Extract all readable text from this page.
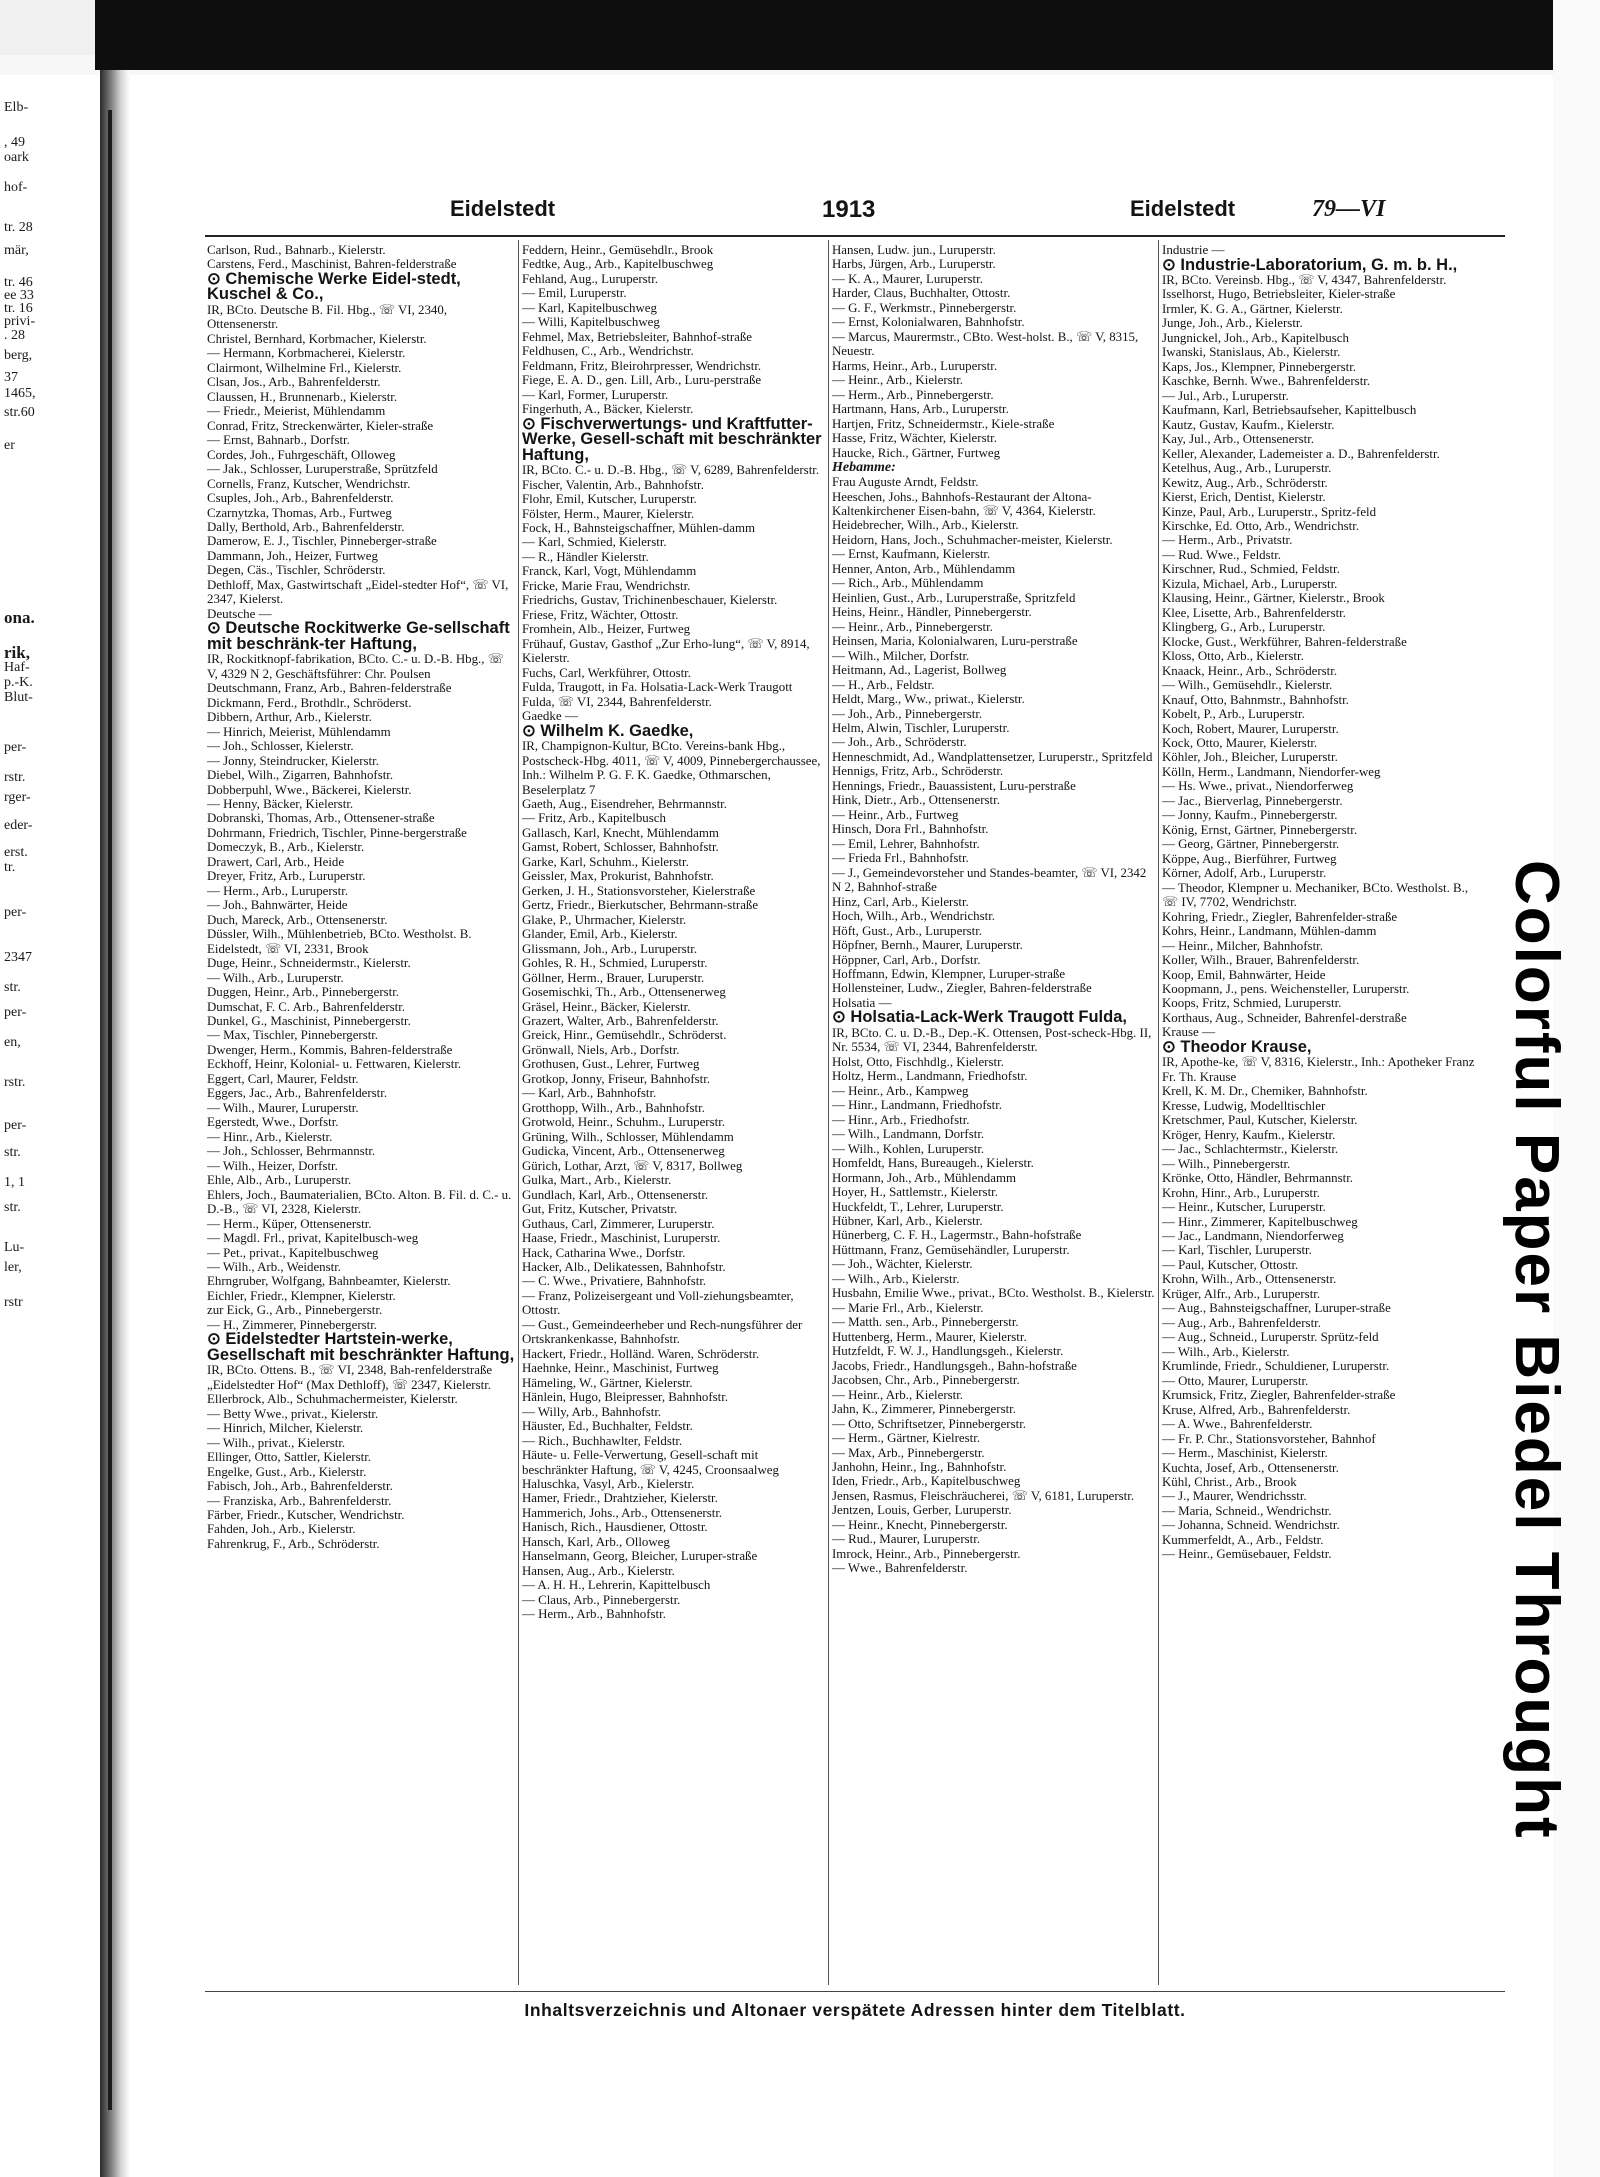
Elb-
, 49
oark
hof-
tr. 28
mär,
tr. 46
ee 33
tr. 16
privi-
. 28
berg,
37
1465,
str.60
er
ona.
rik,
Haf-
p.-K.
Blut-
per-
rstr.
rger-
eder-
erst.
tr.
per-
2347
str.
per-
en,
rstr.
per-
str.
1, 1
str.
Lu-
ler,
rstr	Colorful Paper Biedel Throught
Eidelstedt	1913	Eidelstedt	79—VI
Carlson, Rud., Bahnarb., Kielerstr.
Carstens, Ferd., Maschinist, Bahren-felderstraße
⊙ Chemische Werke Eidel-stedt, Kuschel & Co.,
IR, BCto. Deutsche B. Fil. Hbg., ☏ VI, 2340, Ottensenerstr.
Christel, Bernhard, Korbmacher, Kielerstr.
— Hermann, Korbmacherei, Kielerstr.
Clairmont, Wilhelmine Frl., Kielerstr.
Clsan, Jos., Arb., Bahrenfelderstr.
Claussen, H., Brunnenarb., Kielerstr.
— Friedr., Meierist, Mühlendamm
Conrad, Fritz, Streckenwärter, Kieler-straße
— Ernst, Bahnarb., Dorfstr.
Cordes, Joh., Fuhrgeschäft, Olloweg
— Jak., Schlosser, Luruperstraße, Sprützfeld
Cornells, Franz, Kutscher, Wendrichstr.
Csuples, Joh., Arb., Bahrenfelderstr.
Czarnytzka, Thomas, Arb., Furtweg
Dally, Berthold, Arb., Bahrenfelderstr.
Damerow, E. J., Tischler, Pinneberger-straße
Dammann, Joh., Heizer, Furtweg
Degen, Cäs., Tischler, Schröderstr.
Dethloff, Max, Gastwirtschaft „Eidel-stedter Hof“, ☏ VI, 2347, Kielerst.
Deutsche —
⊙ Deutsche Rockitwerke Ge-sellschaft mit beschränk-ter Haftung,
IR, Rockitknopf-fabrikation, BCto. C.- u. D.-B. Hbg., ☏ V, 4329 N 2, Geschäftsführer: Chr. Poulsen
Deutschmann, Franz, Arb., Bahren-felderstraße
Dickmann, Ferd., Brothdlr., Schröderst.
Dibbern, Arthur, Arb., Kielerstr.
— Hinrich, Meierist, Mühlendamm
— Joh., Schlosser, Kielerstr.
— Jonny, Steindrucker, Kielerstr.
Diebel, Wilh., Zigarren, Bahnhofstr.
Dobberpuhl, Wwe., Bäckerei, Kielerstr.
— Henny, Bäcker, Kielerstr.
Dobranski, Thomas, Arb., Ottensener-straße
Dohrmann, Friedrich, Tischler, Pinne-bergerstraße
Domeczyk, B., Arb., Kielerstr.
Drawert, Carl, Arb., Heide
Dreyer, Fritz, Arb., Luruperstr.
— Herm., Arb., Luruperstr.
— Joh., Bahnwärter, Heide
Duch, Mareck, Arb., Ottensenerstr.
Düssler, Wilh., Mühlenbetrieb, BCto. Westholst. B. Eidelstedt, ☏ VI, 2331, Brook
Duge, Heinr., Schneidermstr., Kielerstr.
— Wilh., Arb., Luruperstr.
Duggen, Heinr., Arb., Pinnebergerstr.
Dumschat, F. C. Arb., Bahrenfelderstr.
Dunkel, G., Maschinist, Pinnebergerstr.
— Max, Tischler, Pinnebergerstr.
Dwenger, Herm., Kommis, Bahren-felderstraße
Eckhoff, Heinr, Kolonial- u. Fettwaren, Kielerstr.
Eggert, Carl, Maurer, Feldstr.
Eggers, Jac., Arb., Bahrenfelderstr.
— Wilh., Maurer, Luruperstr.
Egerstedt, Wwe., Dorfstr.
— Hinr., Arb., Kielerstr.
— Joh., Schlosser, Behrmannstr.
— Wilh., Heizer, Dorfstr.
Ehle, Alb., Arb., Luruperstr.
Ehlers, Joch., Baumaterialien, BCto. Alton. B. Fil. d. C.- u. D.-B., ☏ VI, 2328, Kielerstr.
— Herm., Küper, Ottensenerstr.
— Magdl. Frl., privat, Kapitelbusch-weg
— Pet., privat., Kapitelbuschweg
— Wilh., Arb., Weidenstr.
Ehrngruber, Wolfgang, Bahnbeamter, Kielerstr.
Eichler, Friedr., Klempner, Kielerstr.
zur Eick, G., Arb., Pinnebergerstr.
— H., Zimmerer, Pinnebergerstr.
⊙ Eidelstedter Hartstein-werke, Gesellschaft mit beschränkter Haftung,
IR, BCto. Ottens. B., ☏ VI, 2348, Bah-renfelderstraße
„Eidelstedter Hof“ (Max Dethloff), ☏ 2347, Kielerstr.
Ellerbrock, Alb., Schuhmachermeister, Kielerstr.
— Betty Wwe., privat., Kielerstr.
— Hinrich, Milcher, Kielerstr.
— Wilh., privat., Kielerstr.
Ellinger, Otto, Sattler, Kielerstr.
Engelke, Gust., Arb., Kielerstr.
Fabisch, Joh., Arb., Bahrenfelderstr.
— Franziska, Arb., Bahrenfelderstr.
Färber, Friedr., Kutscher, Wendrichstr.
Fahden, Joh., Arb., Kielerstr.
Fahrenkrug, F., Arb., Schröderstr.
Feddern, Heinr., Gemüsehdlr., Brook
Fedtke, Aug., Arb., Kapitelbuschweg
Fehland, Aug., Luruperstr.
— Emil, Luruperstr.
— Karl, Kapitelbuschweg
— Willi, Kapitelbuschweg
Fehmel, Max, Betriebsleiter, Bahnhof-straße
Feldhusen, C., Arb., Wendrichstr.
Feldmann, Fritz, Bleirohrpresser, Wendrichstr.
Fiege, E. A. D., gen. Lill, Arb., Luru-perstraße
— Karl, Former, Luruperstr.
Fingerhuth, A., Bäcker, Kielerstr.
⊙ Fischverwertungs- und Kraftfutter-Werke, Gesell-schaft mit beschränkter Haftung,
IR, BCto. C.- u. D.-B. Hbg., ☏ V, 6289, Bahrenfelderstr.
Fischer, Valentin, Arb., Bahnhofstr.
Flohr, Emil, Kutscher, Luruperstr.
Fölster, Herm., Maurer, Kielerstr.
Fock, H., Bahnsteigschaffner, Mühlen-damm
— Karl, Schmied, Kielerstr.
— R., Händler Kielerstr.
Franck, Karl, Vogt, Mühlendamm
Fricke, Marie Frau, Wendrichstr.
Friedrichs, Gustav, Trichinenbeschauer, Kielerstr.
Friese, Fritz, Wächter, Ottostr.
Fromhein, Alb., Heizer, Furtweg
Frühauf, Gustav, Gasthof „Zur Erho-lung“, ☏ V, 8914, Kielerstr.
Fuchs, Carl, Werkführer, Ottostr.
Fulda, Traugott, in Fa. Holsatia-Lack-Werk Traugott Fulda, ☏ VI, 2344, Bahrenfelderstr.
Gaedke —
⊙ Wilhelm K. Gaedke,
IR, Champignon-Kultur, BCto. Vereins-bank Hbg., Postscheck-Hbg. 4011, ☏ V, 4009, Pinnebergerchaussee, Inh.: Wilhelm P. G. F. K. Gaedke, Othmarschen, Beselerplatz 7
Gaeth, Aug., Eisendreher, Behrmannstr.
— Fritz, Arb., Kapitelbusch
Gallasch, Karl, Knecht, Mühlendamm
Gamst, Robert, Schlosser, Bahnhofstr.
Garke, Karl, Schuhm., Kielerstr.
Geissler, Max, Prokurist, Bahnhofstr.
Gerken, J. H., Stationsvorsteher, Kielerstraße
Gertz, Friedr., Bierkutscher, Behrmann-straße
Glake, P., Uhrmacher, Kielerstr.
Glander, Emil, Arb., Kielerstr.
Glissmann, Joh., Arb., Luruperstr.
Gohles, R. H., Schmied, Luruperstr.
Göllner, Herm., Brauer, Luruperstr.
Gosemischki, Th., Arb., Ottensenerweg
Gräsel, Heinr., Bäcker, Kielerstr.
Grazert, Walter, Arb., Bahrenfelderstr.
Greick, Hinr., Gemüsehdlr., Schröderst.
Grönwall, Niels, Arb., Dorfstr.
Grothusen, Gust., Lehrer, Furtweg
Grotkop, Jonny, Friseur, Bahnhofstr.
— Karl, Arb., Bahnhofstr.
Grotthopp, Wilh., Arb., Bahnhofstr.
Grotwold, Heinr., Schuhm., Luruperstr.
Grüning, Wilh., Schlosser, Mühlendamm
Gudicka, Vincent, Arb., Ottensenerweg
Gürich, Lothar, Arzt, ☏ V, 8317, Bollweg
Gulka, Mart., Arb., Kielerstr.
Gundlach, Karl, Arb., Ottensenerstr.
Gut, Fritz, Kutscher, Privatstr.
Guthaus, Carl, Zimmerer, Luruperstr.
Haase, Friedr., Maschinist, Luruperstr.
Hack, Catharina Wwe., Dorfstr.
Hacker, Alb., Delikatessen, Bahnhofstr.
— C. Wwe., Privatiere, Bahnhofstr.
— Franz, Polizeisergeant und Voll-ziehungsbeamter, Ottostr.
— Gust., Gemeindeerheber und Rech-nungsführer der Ortskrankenkasse, Bahnhofstr.
Hackert, Friedr., Holländ. Waren, Schröderstr.
Haehnke, Heinr., Maschinist, Furtweg
Hämeling, W., Gärtner, Kielerstr.
Hänlein, Hugo, Bleipresser, Bahnhofstr.
— Willy, Arb., Bahnhofstr.
Häuster, Ed., Buchhalter, Feldstr.
— Rich., Buchhawlter, Feldstr.
Häute- u. Felle-Verwertung, Gesell-schaft mit beschränkter Haftung, ☏ V, 4245, Croonsaalweg
Haluschka, Vasyl, Arb., Kielerstr.
Hamer, Friedr., Drahtzieher, Kielerstr.
Hammerich, Johs., Arb., Ottensenerstr.
Hanisch, Rich., Hausdiener, Ottostr.
Hansch, Karl, Arb., Olloweg
Hanselmann, Georg, Bleicher, Luruper-straße
Hansen, Aug., Arb., Kielerstr.
— A. H. H., Lehrerin, Kapittelbusch
— Claus, Arb., Pinnebergerstr.
— Herm., Arb., Bahnhofstr.
Hansen, Ludw. jun., Luruperstr.
Harbs, Jürgen, Arb., Luruperstr.
— K. A., Maurer, Luruperstr.
Harder, Claus, Buchhalter, Ottostr.
— G. F., Werkmstr., Pinnebergerstr.
— Ernst, Kolonialwaren, Bahnhofstr.
— Marcus, Maurermstr., CBto. West-holst. B., ☏ V, 8315, Neuestr.
Harms, Heinr., Arb., Luruperstr.
— Heinr., Arb., Kielerstr.
— Herm., Arb., Pinnebergerstr.
Hartmann, Hans, Arb., Luruperstr.
Hartjen, Fritz, Schneidermstr., Kiele-straße
Hasse, Fritz, Wächter, Kielerstr.
Haucke, Rich., Gärtner, Furtweg
Hebamme:
Frau Auguste Arndt, Feldstr.
Heeschen, Johs., Bahnhofs-Restaurant der Altona-Kaltenkirchener Eisen-bahn, ☏ V, 4364, Kielerstr.
Heidebrecher, Wilh., Arb., Kielerstr.
Heidorn, Hans, Joch., Schuhmacher-meister, Kielerstr.
— Ernst, Kaufmann, Kielerstr.
Henner, Anton, Arb., Mühlendamm
— Rich., Arb., Mühlendamm
Heinlien, Gust., Arb., Luruperstraße, Spritzfeld
Heins, Heinr., Händler, Pinnebergerstr.
— Heinr., Arb., Pinnebergerstr.
Heinsen, Maria, Kolonialwaren, Luru-perstraße
— Wilh., Milcher, Dorfstr.
Heitmann, Ad., Lagerist, Bollweg
— H., Arb., Feldstr.
Heldt, Marg., Ww., priwat., Kielerstr.
— Joh., Arb., Pinnebergerstr.
Helm, Alwin, Tischler, Luruperstr.
— Joh., Arb., Schröderstr.
Henneschmidt, Ad., Wandplattensetzer, Luruperstr., Spritzfeld
Hennigs, Fritz, Arb., Schröderstr.
Hennings, Friedr., Bauassistent, Luru-perstraße
Hink, Dietr., Arb., Ottensenerstr.
— Heinr., Arb., Furtweg
Hinsch, Dora Frl., Bahnhofstr.
— Emil, Lehrer, Bahnhofstr.
— Frieda Frl., Bahnhofstr.
— J., Gemeindevorsteher und Standes-beamter, ☏ VI, 2342 N 2, Bahnhof-straße
Hinz, Carl, Arb., Kielerstr.
Hoch, Wilh., Arb., Wendrichstr.
Höft, Gust., Arb., Luruperstr.
Höpfner, Bernh., Maurer, Luruperstr.
Höppner, Carl, Arb., Dorfstr.
Hoffmann, Edwin, Klempner, Luruper-straße
Hollensteiner, Ludw., Ziegler, Bahren-felderstraße
Holsatia —
⊙ Holsatia-Lack-Werk Traugott Fulda,
IR, BCto. C. u. D.-B., Dep.-K. Ottensen, Post-scheck-Hbg. II, Nr. 5534, ☏ VI, 2344, Bahrenfelderstr.
Holst, Otto, Fischhdlg., Kielerstr.
Holtz, Herm., Landmann, Friedhofstr.
— Heinr., Arb., Kampweg
— Hinr., Landmann, Friedhofstr.
— Hinr., Arb., Friedhofstr.
— Wilh., Landmann, Dorfstr.
— Wilh., Kohlen, Luruperstr.
Homfeldt, Hans, Bureaugeh., Kielerstr.
Hormann, Joh., Arb., Mühlendamm
Hoyer, H., Sattlemstr., Kielerstr.
Huckfeldt, T., Lehrer, Luruperstr.
Hübner, Karl, Arb., Kielerstr.
Hünerberg, C. F. H., Lagermstr., Bahn-hofstraße
Hüttmann, Franz, Gemüsehändler, Luruperstr.
— Joh., Wächter, Kielerstr.
— Wilh., Arb., Kielerstr.
Husbahn, Emilie Wwe., privat., BCto. Westholst. B., Kielerstr.
— Marie Frl., Arb., Kielerstr.
— Matth. sen., Arb., Pinnebergerstr.
Huttenberg, Herm., Maurer, Kielerstr.
Hutzfeldt, F. W. J., Handlungsgeh., Kielerstr.
Jacobs, Friedr., Handlungsgeh., Bahn-hofstraße
Jacobsen, Chr., Arb., Pinnebergerstr.
— Heinr., Arb., Kielerstr.
Jahn, K., Zimmerer, Pinnebergerstr.
— Otto, Schriftsetzer, Pinnebergerstr.
— Herm., Gärtner, Kielrestr.
— Max, Arb., Pinnebergerstr.
Janhohn, Heinr., Ing., Bahnhofstr.
Iden, Friedr., Arb., Kapitelbuschweg
Jensen, Rasmus, Fleischräucherei, ☏ V, 6181, Luruperstr.
Jentzen, Louis, Gerber, Luruperstr.
— Heinr., Knecht, Pinnebergerstr.
— Rud., Maurer, Luruperstr.
Imrock, Heinr., Arb., Pinnebergerstr.
— Wwe., Bahrenfelderstr.
Industrie —
⊙ Industrie-Laboratorium, G. m. b. H.,
IR, BCto. Vereinsb. Hbg., ☏ V, 4347, Bahrenfelderstr.
Isselhorst, Hugo, Betriebsleiter, Kieler-straße
Irmler, K. G. A., Gärtner, Kielerstr.
Junge, Joh., Arb., Kielerstr.
Jungnickel, Joh., Arb., Kapitelbusch
Iwanski, Stanislaus, Ab., Kielerstr.
Kaps, Jos., Klempner, Pinnebergerstr.
Kaschke, Bernh. Wwe., Bahrenfelderstr.
— Jul., Arb., Luruperstr.
Kaufmann, Karl, Betriebsaufseher, Kapittelbusch
Kautz, Gustav, Kaufm., Kielerstr.
Kay, Jul., Arb., Ottensenerstr.
Keller, Alexander, Lademeister a. D., Bahrenfelderstr.
Ketelhus, Aug., Arb., Luruperstr.
Kewitz, Aug., Arb., Schröderstr.
Kierst, Erich, Dentist, Kielerstr.
Kinze, Paul, Arb., Luruperstr., Spritz-feld
Kirschke, Ed. Otto, Arb., Wendrichstr.
— Herm., Arb., Privatstr.
— Rud. Wwe., Feldstr.
Kirschner, Rud., Schmied, Feldstr.
Kizula, Michael, Arb., Luruperstr.
Klausing, Heinr., Gärtner, Kielerstr., Brook
Klee, Lisette, Arb., Bahrenfelderstr.
Klingberg, G., Arb., Luruperstr.
Klocke, Gust., Werkführer, Bahren-felderstraße
Kloss, Otto, Arb., Kielerstr.
Knaack, Heinr., Arb., Schröderstr.
— Wilh., Gemüsehdlr., Kielerstr.
Knauf, Otto, Bahnmstr., Bahnhofstr.
Kobelt, P., Arb., Luruperstr.
Koch, Robert, Maurer, Luruperstr.
Kock, Otto, Maurer, Kielerstr.
Köhler, Joh., Bleicher, Luruperstr.
Kölln, Herm., Landmann, Niendorfer-weg
— Hs. Wwe., privat., Niendorferweg
— Jac., Bierverlag, Pinnebergerstr.
— Jonny, Kaufm., Pinnebergerstr.
König, Ernst, Gärtner, Pinnebergerstr.
— Georg, Gärtner, Pinnebergerstr.
Köppe, Aug., Bierführer, Furtweg
Körner, Adolf, Arb., Luruperstr.
— Theodor, Klempner u. Mechaniker, BCto. Westholst. B., ☏ IV, 7702, Wendrichstr.
Kohring, Friedr., Ziegler, Bahrenfelder-straße
Kohrs, Heinr., Landmann, Mühlen-damm
— Heinr., Milcher, Bahnhofstr.
Koller, Wilh., Brauer, Bahrenfelderstr.
Koop, Emil, Bahnwärter, Heide
Koopmann, J., pens. Weichensteller, Luruperstr.
Koops, Fritz, Schmied, Luruperstr.
Korthaus, Aug., Schneider, Bahrenfel-derstraße
Krause —
⊙ Theodor Krause,
IR, Apothe-ke, ☏ V, 8316, Kielerstr., Inh.: Apotheker Franz Fr. Th. Krause
Krell, K. M. Dr., Chemiker, Bahnhofstr.
Kresse, Ludwig, Modelltischler
Kretschmer, Paul, Kutscher, Kielerstr.
Kröger, Henry, Kaufm., Kielerstr.
— Jac., Schlachtermstr., Kielerstr.
— Wilh., Pinnebergerstr.
Krönke, Otto, Händler, Behrmannstr.
Krohn, Hinr., Arb., Luruperstr.
— Heinr., Kutscher, Luruperstr.
— Hinr., Zimmerer, Kapitelbuschweg
— Jac., Landmann, Niendorferweg
— Karl, Tischler, Luruperstr.
— Paul, Kutscher, Ottostr.
Krohn, Wilh., Arb., Ottensenerstr.
Krüger, Alfr., Arb., Luruperstr.
— Aug., Bahnsteigschaffner, Luruper-straße
— Aug., Arb., Bahrenfelderstr.
— Aug., Schneid., Luruperstr. Sprütz-feld
— Wilh., Arb., Kielerstr.
Krumlinde, Friedr., Schuldiener, Luruperstr.
— Otto, Maurer, Luruperstr.
Krumsick, Fritz, Ziegler, Bahrenfelder-straße
Kruse, Alfred, Arb., Bahrenfelderstr.
— A. Wwe., Bahrenfelderstr.
— Fr. P. Chr., Stationsvorsteher, Bahnhof
— Herm., Maschinist, Kielerstr.
Kuchta, Josef, Arb., Ottensenerstr.
Kühl, Christ., Arb., Brook
— J., Maurer, Wendrichsstr.
— Maria, Schneid., Wendrichstr.
— Johanna, Schneid. Wendrichstr.
Kummerfeldt, A., Arb., Feldstr.
— Heinr., Gemüsebauer, Feldstr.
Inhaltsverzeichnis und Altonaer verspätete Adressen hinter dem Titelblatt.
